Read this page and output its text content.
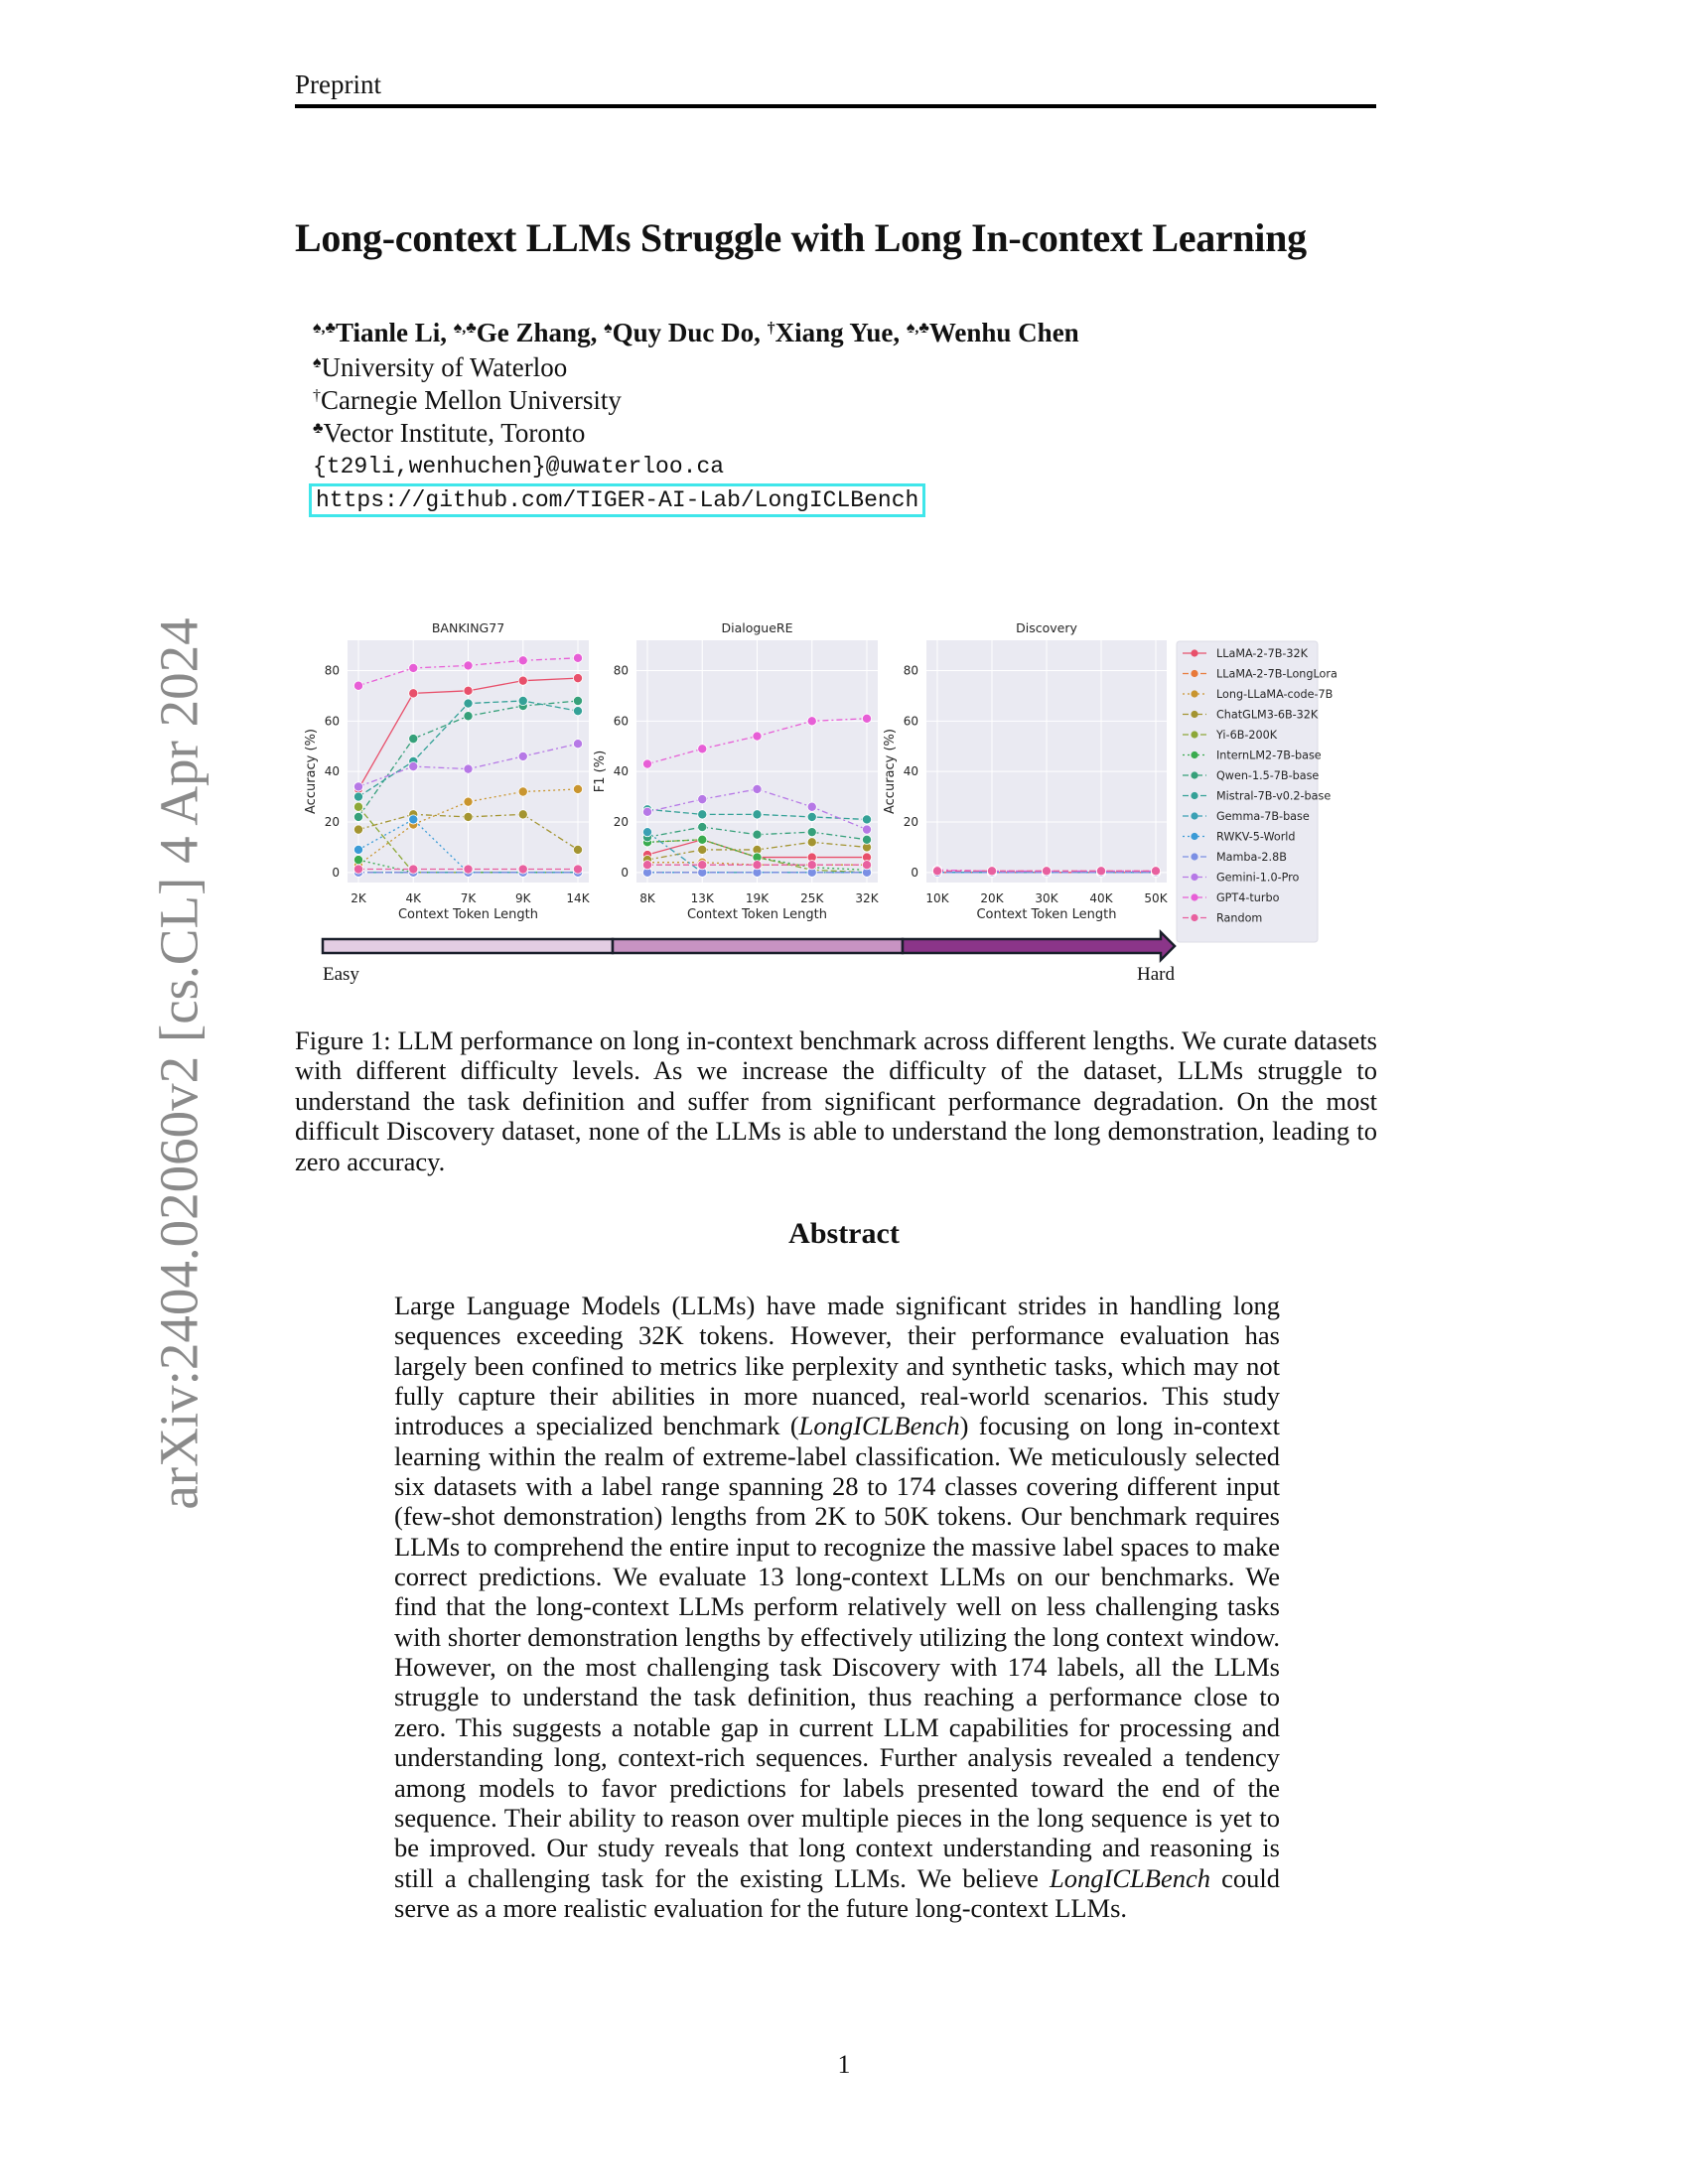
Preprint
arXiv:2404.02060v2 [cs.CL] 4 Apr 2024
Long-context LLMs Struggle with Long In-context Learning
♠,♣Tianle Li, ♠,♣Ge Zhang, ♠Quy Duc Do, †Xiang Yue, ♠,♣Wenhu Chen
♠University of Waterloo
†Carnegie Mellon University
♣Vector Institute, Toronto
{t29li,wenhuchen}@uwaterloo.ca
https://github.com/TIGER-AI-Lab/LongICLBench
0
20
40
60
80
2K	4K	7K	9K	14K
BANKING77
Context Token Length
Accuracy (%)
0
20
40
60
80
8K	13K	19K	25K	32K
DialogueRE
Context Token Length
F1 (%)
0
20
40
60
80
10K	20K	30K	40K	50K
Discovery
Context Token Length
Accuracy (%)
LLaMA-2-7B-32K
LLaMA-2-7B-LongLora
Long-LLaMA-code-7B
ChatGLM3-6B-32K
Yi-6B-200K
InternLM2-7B-base
Qwen-1.5-7B-base
Mistral-7B-v0.2-base
Gemma-7B-base
RWKV-5-World
Mamba-2.8B
Gemini-1.0-Pro
GPT4-turbo
Random
Easy	Hard
Figure 1: LLM performance on long in-context benchmark across different lengths. We curate datasets with different difficulty levels. As we increase the difficulty of the dataset, LLMs struggle to understand the task definition and suffer from significant performance degradation. On the most difficult Discovery dataset, none of the LLMs is able to understand the long demonstration, leading to zero accuracy.
Abstract

Large Language Models (LLMs) have made significant strides in handling long sequences exceeding 32K tokens. However, their performance evaluation has largely been confined to metrics like perplexity and synthetic tasks, which may not fully capture their abilities in more nuanced, real-world scenarios. This study introduces a specialized benchmark (LongICLBench) focusing on long in-context learning within the realm of extreme-label classification. We meticulously selected six datasets with a label range spanning 28 to 174 classes covering different input (few-shot demonstration) lengths from 2K to 50K tokens. Our benchmark requires LLMs to comprehend the entire input to recognize the massive label spaces to make correct predictions. We evaluate 13 long-context LLMs on our benchmarks. We find that the long-context LLMs perform relatively well on less challenging tasks with shorter demonstration lengths by effectively utilizing the long context window. However, on the most challenging task Discovery with 174 labels, all the LLMs struggle to understand the task definition, thus reaching a performance close to zero. This suggests a notable gap in current LLM capabilities for processing and understanding long, context-rich sequences. Further analysis revealed a tendency among models to favor predictions for labels presented toward the end of the sequence. Their ability to reason over multiple pieces in the long sequence is yet to be improved. Our study reveals that long context understanding and reasoning is still a challenging task for the existing LLMs. We believe LongICLBench could serve as a more realistic evaluation for the future long-context LLMs.

1
